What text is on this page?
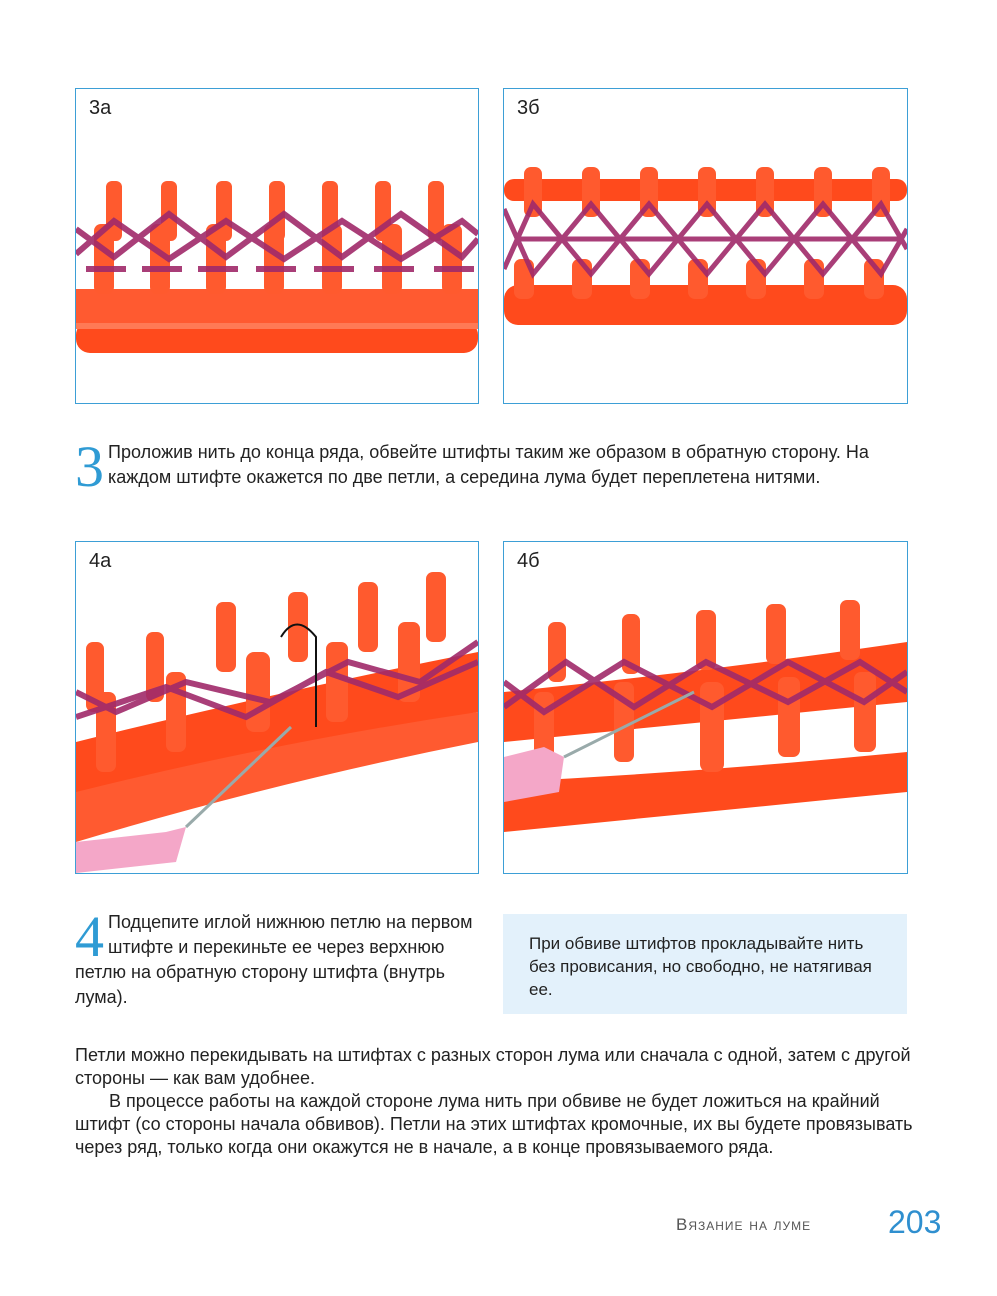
3а	3б
3 Проложив нить до конца ряда, обвейте штифты таким же образом в обратную сторону. На каждом штифте окажется по две петли, а середина лума будет переплетена нитями.
4а	4б
4 Подцепите иглой нижнюю петлю на первом штифте и перекиньте ее через верхнюю петлю на обратную сторону штифта (внутрь лума).
При обвиве штифтов прокладывайте нить без провисания, но свободно, не натягивая ее.

Петли можно перекидывать на штифтах с разных сторон лума или сначала с одной, затем с другой стороны — как вам удобнее.

В процессе работы на каждой стороне лума нить при обвиве не будет ложиться на крайний штифт (со стороны начала обвивов). Петли на этих штифтах кромочные, их вы будете провязывать через ряд, только когда они окажутся не в начале, а в конце провязываемого ряда.

Вязание на луме 203
